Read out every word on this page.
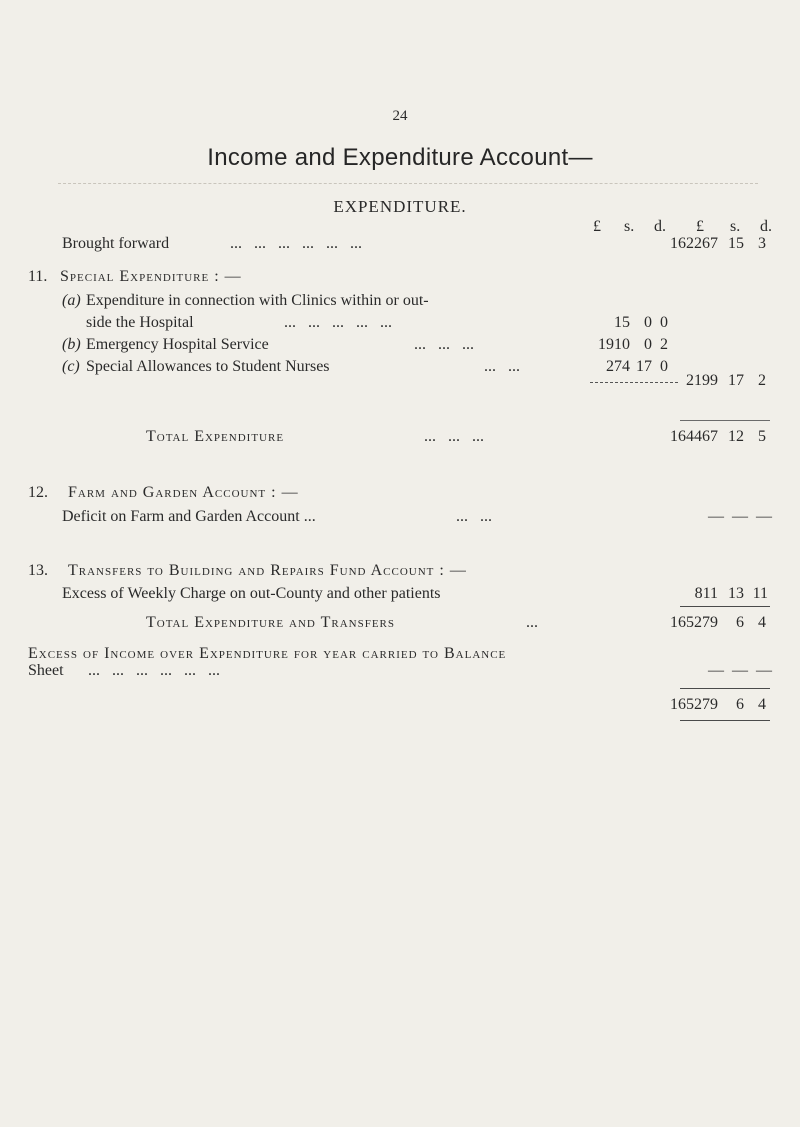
24
Income and Expenditure Account—
EXPENDITURE.
£ s. d. £ s. d.
Brought forward	...   ...   ...   ...   ...   ...	162267 15 3
11. Special Expenditure : —
(a) Expenditure in connection with Clinics within or out-
side the Hospital	...   ...   ...   ...   ...	15 0 0
(b) Emergency Hospital Service	...   ...   ...	1910 0 2
(c) Special Allowances to Student Nurses	...   ...	274 17 0
2199 17 2
Total Expenditure	...   ...   ...	164467 12 5
12. Farm and Garden Account : —
Deficit on Farm and Garden Account ...	...   ...	—  —  —
13. Transfers to Building and Repairs Fund Account : —
Excess of Weekly Charge on out-County and other patients	811 13 11
Total Expenditure and Transfers	...	165279	6 4
Excess of Income over Expenditure for year carried to Balance
Sheet ...   ...   ...   ...   ...   ...	—  —  —
165279	6 4
